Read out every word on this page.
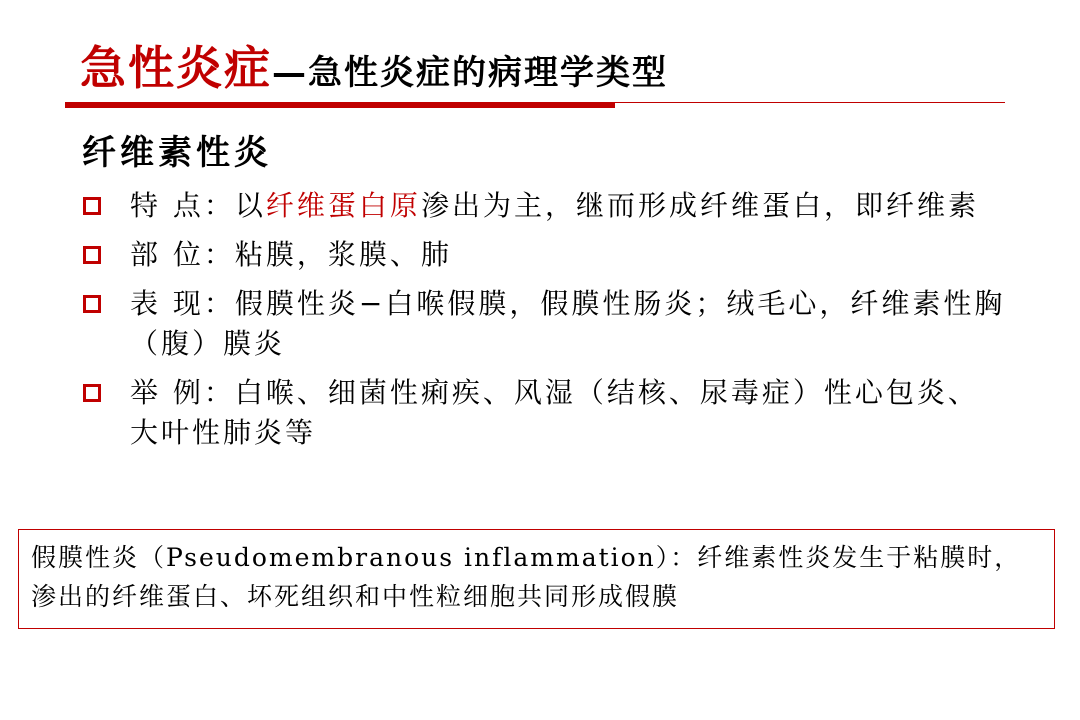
急性炎症—急性炎症的病理学类型
纤维素性炎
特 点：以纤维蛋白原渗出为主，继而形成纤维蛋白，即纤维素
部 位：粘膜，浆膜、肺
表 现：假膜性炎−白喉假膜，假膜性肠炎；绒毛心，纤维素性胸（腹）膜炎
举 例：白喉、细菌性痢疾、风湿（结核、尿毒症）性心包炎、大叶性肺炎等
假膜性炎（Pseudomembranous inflammation）：纤维素性炎发生于粘膜时，渗出的纤维蛋白、坏死组织和中性粒细胞共同形成假膜
